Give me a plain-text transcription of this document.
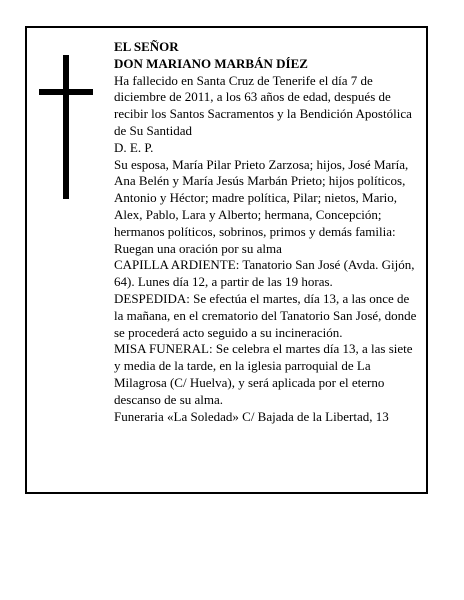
EL SEÑOR

DON MARIANO MARBÁN DÍEZ

Ha fallecido en Santa Cruz de Tenerife el día 7 de diciembre de 2011, a los 63 años de edad, después de recibir los Santos Sacramentos y la Bendición Apostólica de Su Santidad

D. E. P.

Su esposa, María Pilar Prieto Zarzosa; hijos, José María, Ana Belén y María Jesús Marbán Prieto; hijos políticos, Antonio y Héctor; madre política, Pilar; nietos, Mario, Alex, Pablo, Lara y Alberto; hermana, Concepción; hermanos políticos, sobrinos, primos y demás familia:

Ruegan una oración por su alma

CAPILLA ARDIENTE: Tanatorio San José (Avda. Gijón, 64). Lunes día 12, a partir de las 19 horas.

DESPEDIDA: Se efectúa el martes, día 13, a las once de la mañana, en el crematorio del Tanatorio San José, donde se procederá acto seguido a su incineración.

MISA FUNERAL: Se celebra el martes día 13, a las siete y media de la tarde, en la iglesia parroquial de La Milagrosa (C/ Huelva), y será aplicada por el eterno descanso de su alma.

Funeraria «La Soledad» C/ Bajada de la Libertad, 13
